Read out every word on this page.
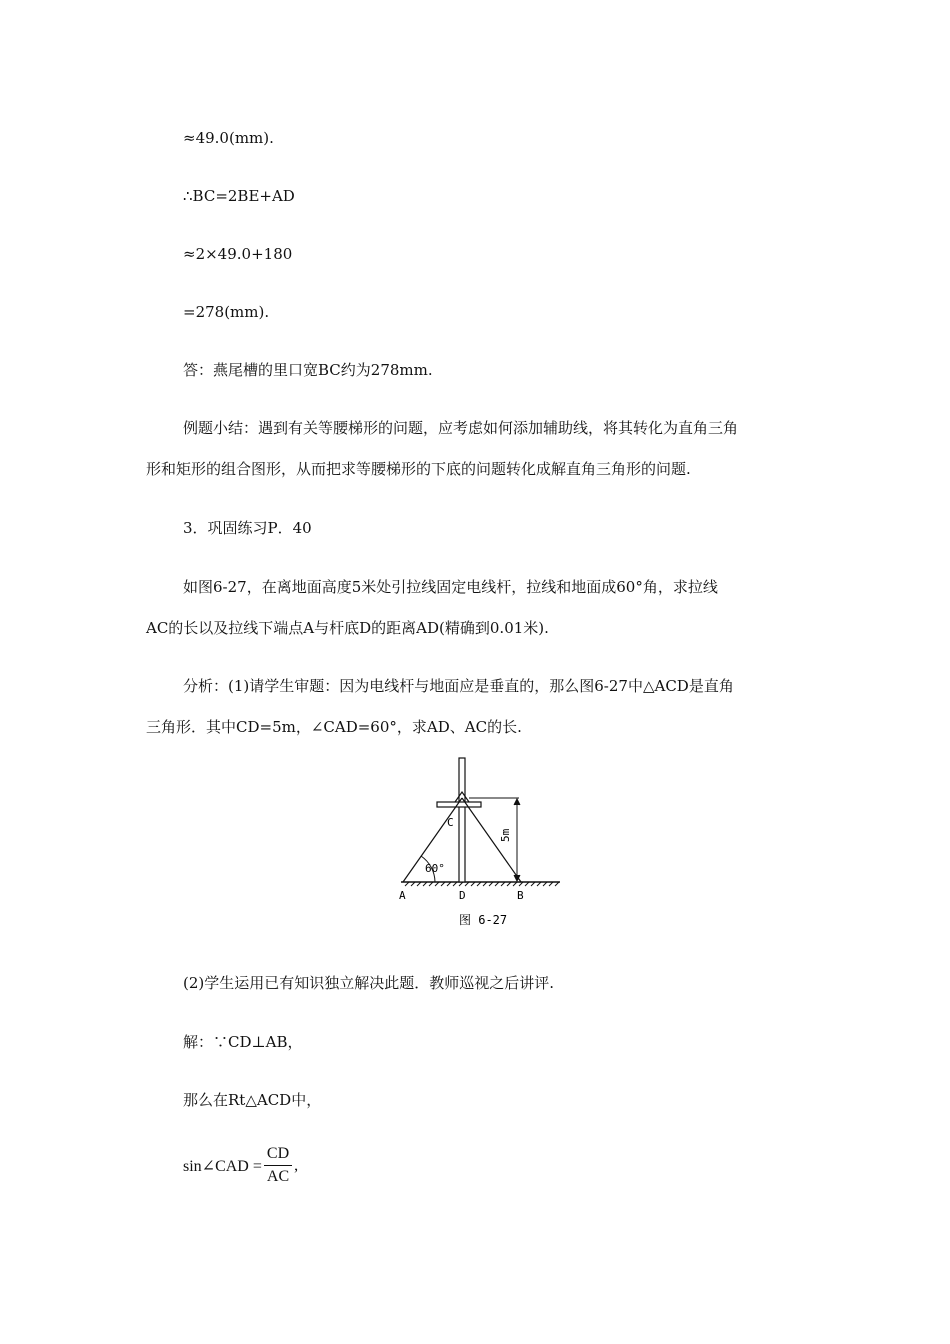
≈49.0(mm).
∴BC=2BE+AD
≈2×49.0+180
=278(mm).
答：燕尾槽的里口宽BC约为278mm.
例题小结：遇到有关等腰梯形的问题，应考虑如何添加辅助线，将其转化为直角三角
形和矩形的组合图形，从而把求等腰梯形的下底的问题转化成解直角三角形的问题.
3．巩固练习P．40
如图6-27，在离地面高度5米处引拉线固定电线杆，拉线和地面成60°角，求拉线
AC的长以及拉线下端点A与杆底D的距离AD(精确到0.01米).
分析：(1)请学生审题：因为电线杆与地面应是垂直的，那么图6-27中△ACD是直角
三角形．其中CD=5m，∠CAD=60°，求AD、AC的长.
C
60°
5m
A	D	B
图 6-27
(2)学生运用已有知识独立解决此题．教师巡视之后讲评.
解：∵CD⊥AB，
那么在Rt△ACD中，
sin∠CAD = $\frac{CD}{AC}$ ,
